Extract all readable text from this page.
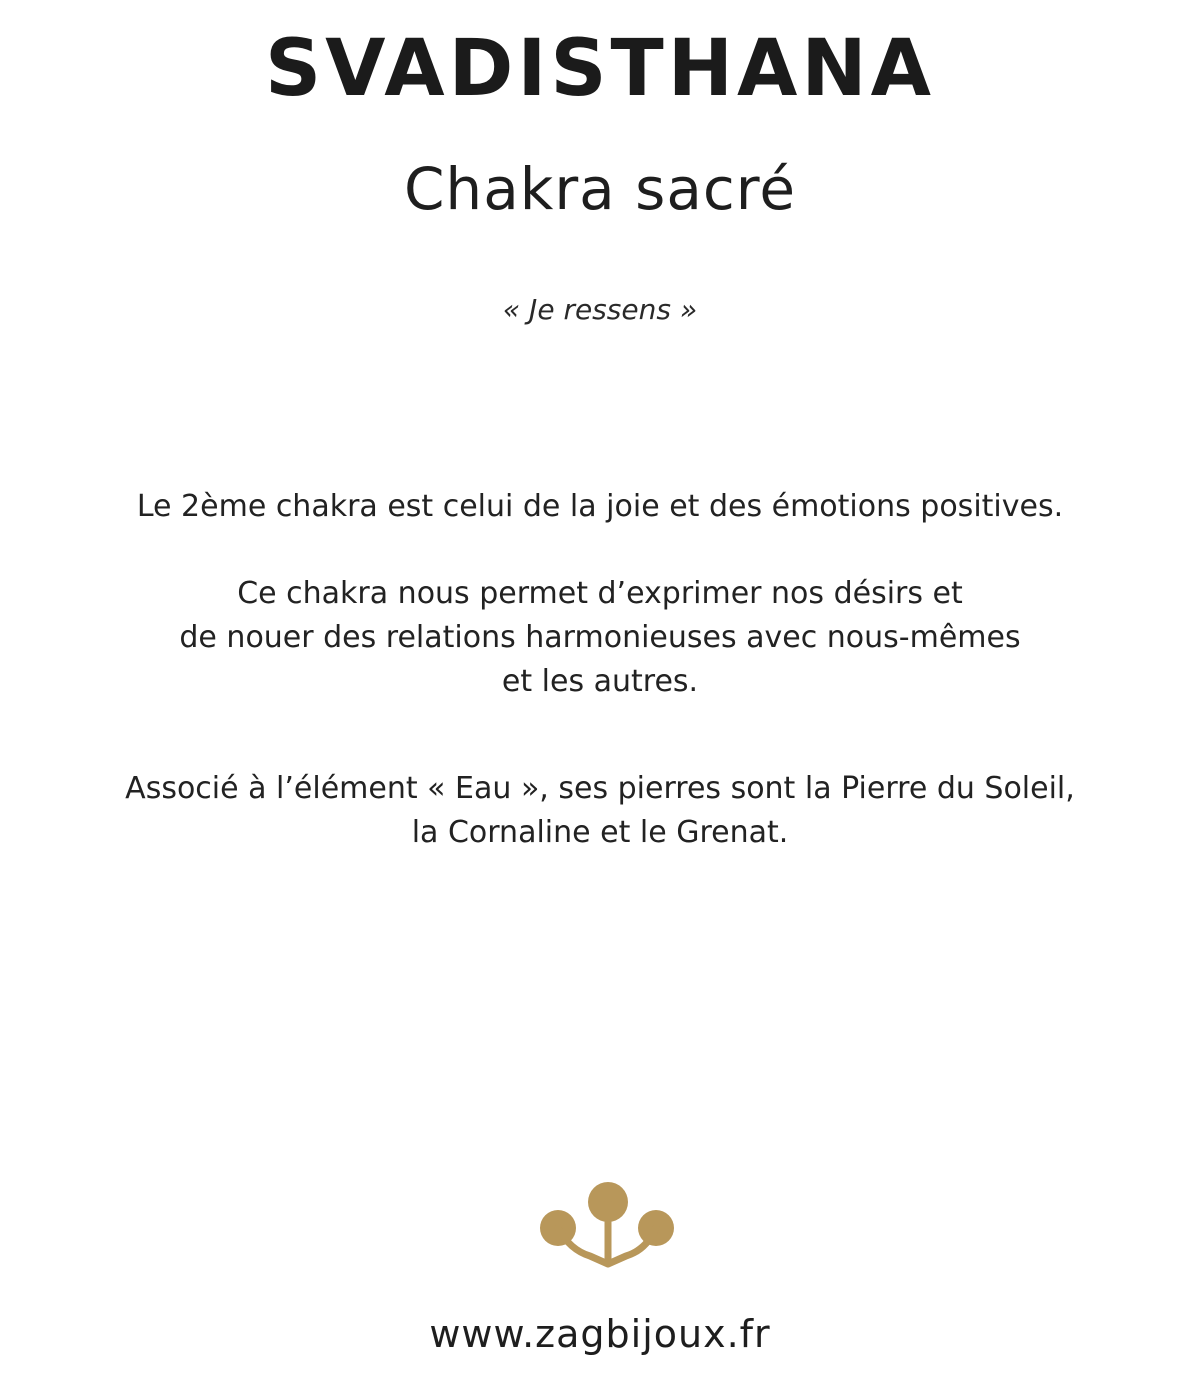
SVADISTHANA
Chakra sacré

« Je ressens »

Le 2ème chakra est celui de la joie et des émotions positives.

Ce chakra nous permet d’exprimer nos désirs et
de nouer des relations harmonieuses avec nous-mêmes
et les autres.

Associé à l’élément « Eau », ses pierres sont la Pierre du Soleil,
la Cornaline et le Grenat.

www.zagbijoux.fr
